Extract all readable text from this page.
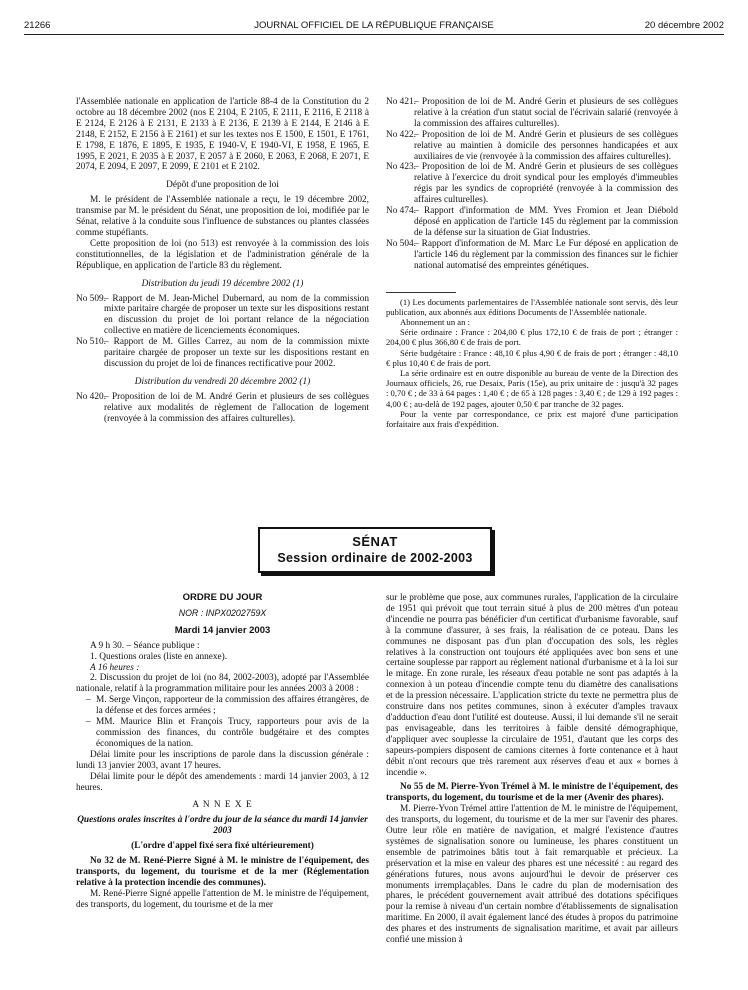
21266	JOURNAL OFFICIEL DE LA RÉPUBLIQUE FRANÇAISE	20 décembre 2002

l'Assemblée nationale en application de l'article 88-4 de la Constitution du 2 octobre au 18 décembre 2002 (nos E 2104, E 2105, E 2111, E 2116, E 2118 à E 2124, E 2126 à E 2131, E 2133 à E 2136, E 2139 à E 2144, E 2146 à E 2148, E 2152, E 2156 à E 2161) et sur les textes nos E 1500, E 1501, E 1761, E 1798, E 1876, E 1895, E 1935, E 1940-V, E 1940-VI, E 1958, E 1965, E 1995, E 2021, E 2035 à E 2037, E 2057 à E 2060, E 2063, E 2068, E 2071, E 2074, E 2094, E 2097, E 2099, E 2101 et E 2102.

Dépôt d'une proposition de loi

M. le président de l'Assemblée nationale a reçu, le 19 décembre 2002, transmise par M. le président du Sénat, une proposition de loi, modifiée par le Sénat, relative à la conduite sous l'influence de substances ou plantes classées comme stupéfiants.

Cette proposition de loi (no 513) est renvoyée à la commission des lois constitutionnelles, de la législation et de l'administration générale de la République, en application de l'article 83 du règlement.

Distribution du jeudi 19 décembre 2002 (1)

No 509.
– Rapport de M. Jean-Michel Dubernard, au nom de la commission mixte paritaire chargée de proposer un texte sur les dispositions restant en discussion du projet de loi portant relance de la négociation collective en matière de licenciements économiques.
No 510.
– Rapport de M. Gilles Carrez, au nom de la commission mixte paritaire chargée de proposer un texte sur les dispositions restant en discussion du projet de loi de finances rectificative pour 2002.

Distribution du vendredi 20 décembre 2002 (1)

No 420.
– Proposition de loi de M. André Gerin et plusieurs de ses collègues relative aux modalités de règlement de l'allocation de logement (renvoyée à la commission des affaires culturelles).
No 421.
– Proposition de loi de M. André Gerin et plusieurs de ses collègues relative à la création d'un statut social de l'écrivain salarié (renvoyée à la commission des affaires culturelles).
No 422.
– Proposition de loi de M. André Gerin et plusieurs de ses collègues relative au maintien à domicile des personnes handicapées et aux auxiliaires de vie (renvoyée à la commission des affaires culturelles).
No 423.
– Proposition de loi de M. André Gerin et plusieurs de ses collègues relative à l'exercice du droit syndical pour les employés d'immeubles régis par les syndics de copropriété (renvoyée à la commission des affaires culturelles).
No 474.
– Rapport d'information de MM. Yves Fromion et Jean Diébold déposé en application de l'article 145 du règlement par la commission de la défense sur la situation de Giat Industries.
No 504.
– Rapport d'information de M. Marc Le Fur déposé en application de l'article 146 du règlement par la commission des finances sur le fichier national automatisé des empreintes génétiques.

(1) Les documents parlementaires de l'Assemblée nationale sont servis, dès leur publication, aux abonnés aux éditions Documents de l'Assemblée nationale.

Abonnement un an :

Série ordinaire : France : 204,00 € plus 172,10 € de frais de port ; étranger : 204,00 € plus 366,80 € de frais de port.

Série budgétaire : France : 48,10 € plus 4,90 € de frais de port ; étranger : 48,10 € plus 10,40 € de frais de port.

La série ordinaire est en outre disponible au bureau de vente de la Direction des Journaux officiels, 26, rue Desaix, Paris (15e), au prix unitaire de : jusqu'à 32 pages : 0,70 € ; de 33 à 64 pages : 1,40 € ; de 65 à 128 pages : 3,40 € ; de 129 à 192 pages : 4,00 € ; au-delà de 192 pages, ajouter 0,50 € par tranche de 32 pages.

Pour la vente par correspondance, ce prix est majoré d'une participation forfaitaire aux frais d'expédition.

SÉNAT
Session ordinaire de 2002-2003

ORDRE DU JOUR

NOR : INPX0202759X

Mardi 14 janvier 2003

A 9 h 30. – Séance publique :

1. Questions orales (liste en annexe).

A 16 heures :

2. Discussion du projet de loi (no 84, 2002-2003), adopté par l'Assemblée nationale, relatif à la programmation militaire pour les années 2003 à 2008 :

– M. Serge Vinçon, rapporteur de la commission des affaires étrangères, de la défense et des forces armées ;
– MM. Maurice Blin et François Trucy, rapporteurs pour avis de la commission des finances, du contrôle budgétaire et des comptes économiques de la nation.

Délai limite pour les inscriptions de parole dans la discussion générale : lundi 13 janvier 2003, avant 17 heures.

Délai limite pour le dépôt des amendements : mardi 14 janvier 2003, à 12 heures.

A N N E X E

Questions orales inscrites à l'ordre du jour de la séance du mardi 14 janvier 2003

(L'ordre d'appel fixé sera fixé ultérieurement)

No 32 de M. René-Pierre Signé à M. le ministre de l'équipement, des transports, du logement, du tourisme et de la mer (Réglementation relative à la protection incendie des communes).

M. René-Pierre Signé appelle l'attention de M. le ministre de l'équipement, des transports, du logement, du tourisme et de la mer

sur le problème que pose, aux communes rurales, l'application de la circulaire de 1951 qui prévoit que tout terrain situé à plus de 200 mètres d'un poteau d'incendie ne pourra pas bénéficier d'un certificat d'urbanisme favorable, sauf à la commune d'assurer, à ses frais, la réalisation de ce poteau. Dans les communes ne disposant pas d'un plan d'occupation des sols, les règles relatives à la construction ont toujours été appliquées avec bon sens et une certaine souplesse par rapport au règlement national d'urbanisme et à la loi sur le mitage. En zone rurale, les réseaux d'eau potable ne sont pas adaptés à la connexion à un poteau d'incendie compte tenu du diamètre des canalisations et de la pression nécessaire. L'application stricte du texte ne permettra plus de construire dans nos petites communes, sinon à exécuter d'amples travaux d'adduction d'eau dont l'utilité est douteuse. Aussi, il lui demande s'il ne serait pas envisageable, dans les territoires à faible densité démographique, d'appliquer avec souplesse la circulaire de 1951, d'autant que les corps des sapeurs-pompiers disposent de camions citernes à forte contenance et à haut débit n'ont recours que très rarement aux réserves d'eau et aux « bornes à incendie ».

No 55 de M. Pierre-Yvon Trémel à M. le ministre de l'équipement, des transports, du logement, du tourisme et de la mer (Avenir des phares).

M. Pierre-Yvon Trémel attire l'attention de M. le ministre de l'équipement, des transports, du logement, du tourisme et de la mer sur l'avenir des phares. Outre leur rôle en matière de navigation, et malgré l'existence d'autres systèmes de signalisation sonore ou lumineuse, les phares constituent un ensemble de patrimoines bâtis tout à fait remarquable et précieux. La préservation et la mise en valeur des phares est une nécessité : au regard des générations futures, nous avons aujourd'hui le devoir de préserver ces monuments irremplaçables. Dans le cadre du plan de modernisation des phares, le précédent gouvernement avait attribué des dotations spécifiques pour la remise à niveau d'un certain nombre d'établissements de signalisation maritime. En 2000, il avait également lancé des études à propos du patrimoine des phares et des instruments de signalisation maritime, et avait par ailleurs confié une mission à
